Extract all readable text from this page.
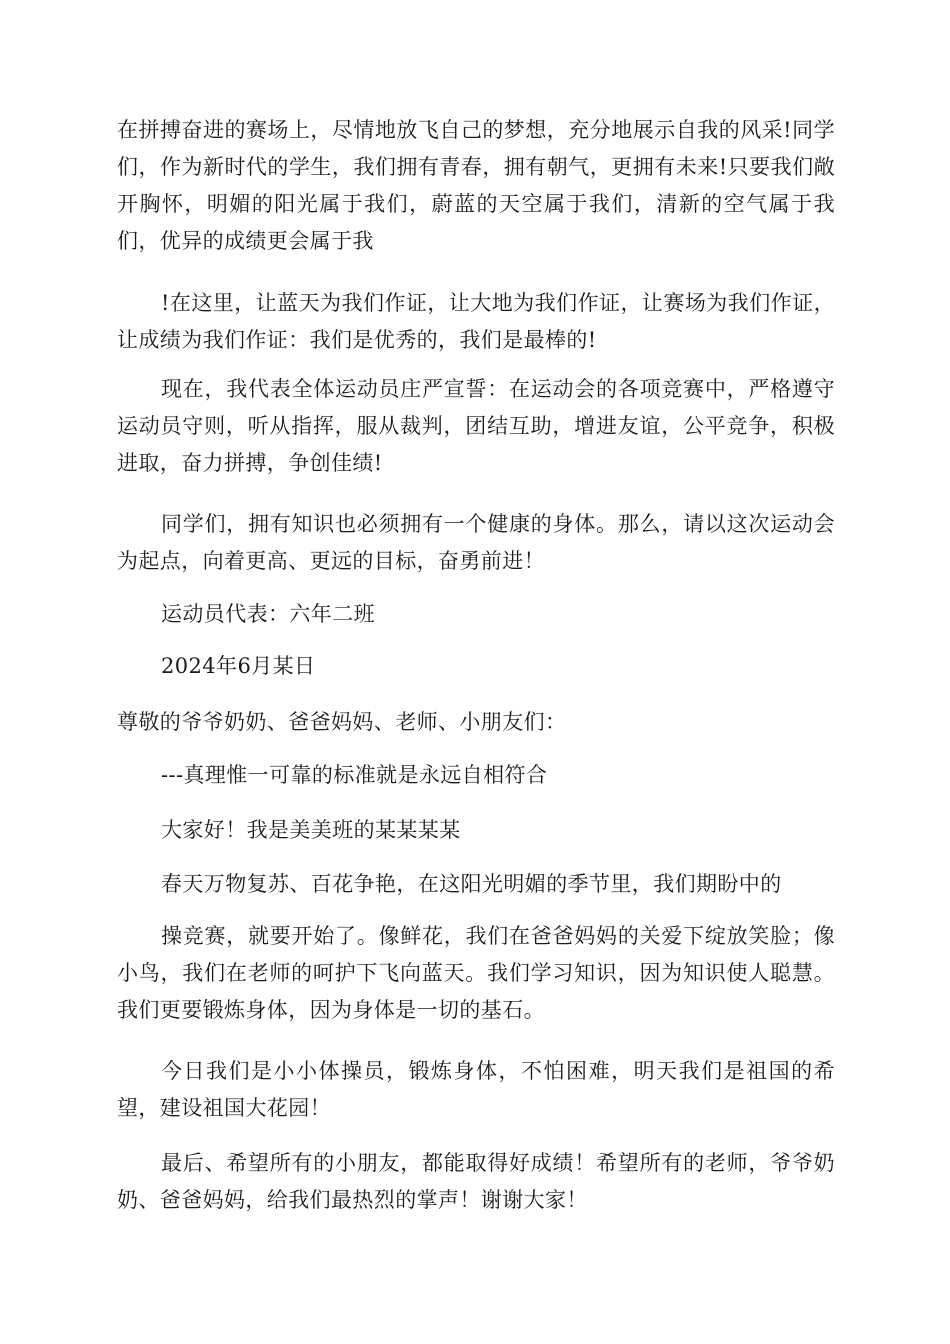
在拼搏奋进的赛场上，尽情地放飞自己的梦想，充分地展示自我的风采!同学们，作为新时代的学生，我们拥有青春，拥有朝气，更拥有未来!只要我们敞开胸怀，明媚的阳光属于我们，蔚蓝的天空属于我们，清新的空气属于我们，优异的成绩更会属于我

!在这里，让蓝天为我们作证，让大地为我们作证，让赛场为我们作证，让成绩为我们作证：我们是优秀的，我们是最棒的!

现在，我代表全体运动员庄严宣誓：在运动会的各项竞赛中，严格遵守运动员守则，听从指挥，服从裁判，团结互助，增进友谊，公平竞争，积极进取，奋力拼搏，争创佳绩!

同学们，拥有知识也必须拥有一个健康的身体。那么，请以这次运动会为起点，向着更高、更远的目标，奋勇前进！

运动员代表：六年二班

2024年6月某日

尊敬的爷爷奶奶、爸爸妈妈、老师、小朋友们：

---真理惟一可靠的标准就是永远自相符合

大家好！我是美美班的某某某某

春天万物复苏、百花争艳，在这阳光明媚的季节里，我们期盼中的

操竞赛，就要开始了。像鲜花，我们在爸爸妈妈的关爱下绽放笑脸；像小鸟，我们在老师的呵护下飞向蓝天。我们学习知识，因为知识使人聪慧。我们更要锻炼身体，因为身体是一切的基石。

今日我们是小小体操员，锻炼身体，不怕困难，明天我们是祖国的希望，建设祖国大花园！

最后、希望所有的小朋友，都能取得好成绩！希望所有的老师，爷爷奶奶、爸爸妈妈，给我们最热烈的掌声！谢谢大家！
